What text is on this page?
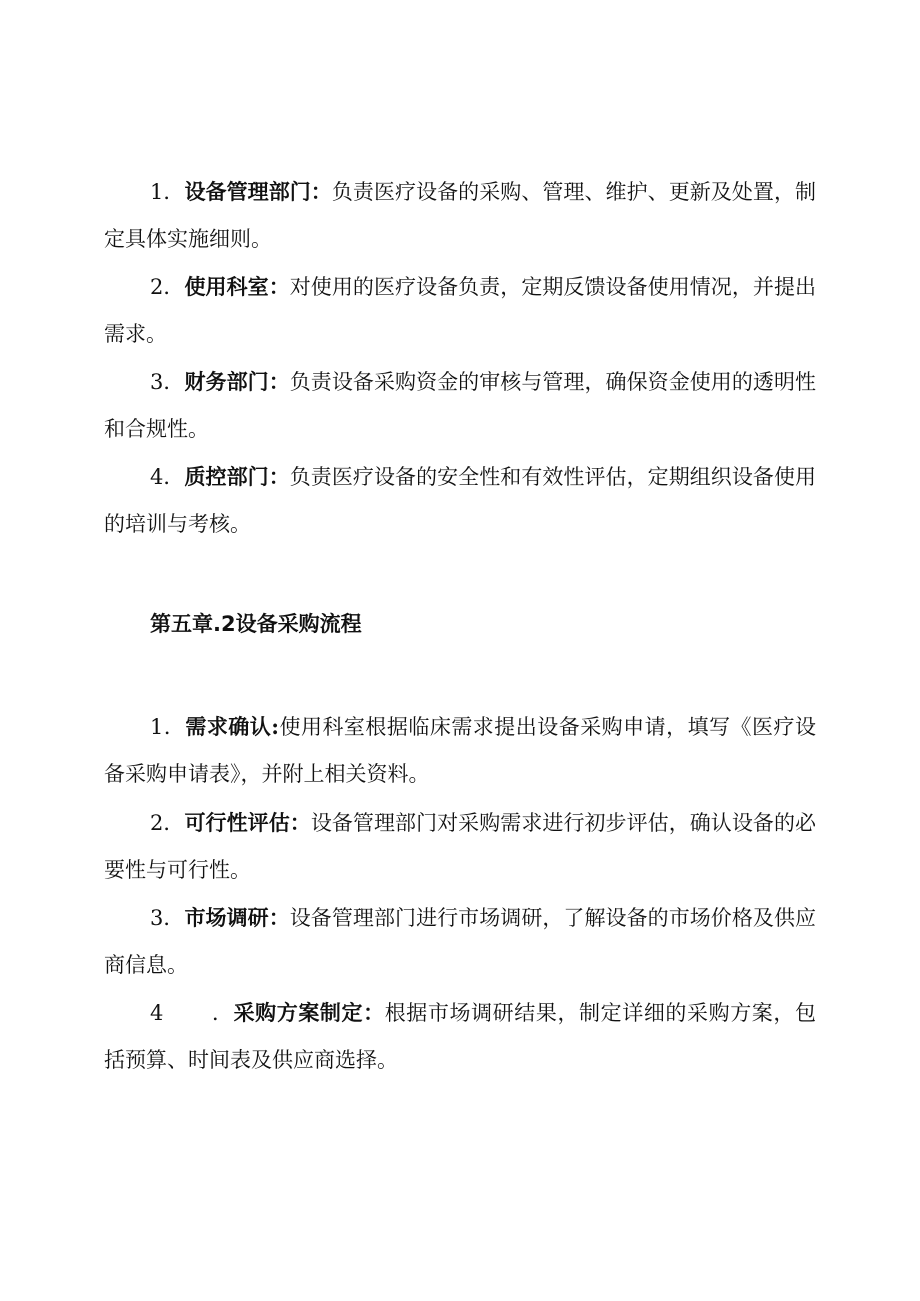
1．设备管理部门：负责医疗设备的采购、管理、维护、更新及处置，制定具体实施细则。

2．使用科室：对使用的医疗设备负责，定期反馈设备使用情况，并提出需求。

3．财务部门：负责设备采购资金的审核与管理，确保资金使用的透明性和合规性。

4．质控部门：负责医疗设备的安全性和有效性评估，定期组织设备使用的培训与考核。

第五章.2设备采购流程

1．需求确认:使用科室根据临床需求提出设备采购申请，填写《医疗设备采购申请表》，并附上相关资料。

2．可行性评估：设备管理部门对采购需求进行初步评估，确认设备的必要性与可行性。

3．市场调研：设备管理部门进行市场调研，了解设备的市场价格及供应商信息。

4 ．采购方案制定：根据市场调研结果，制定详细的采购方案，包括预算、时间表及供应商选择。
